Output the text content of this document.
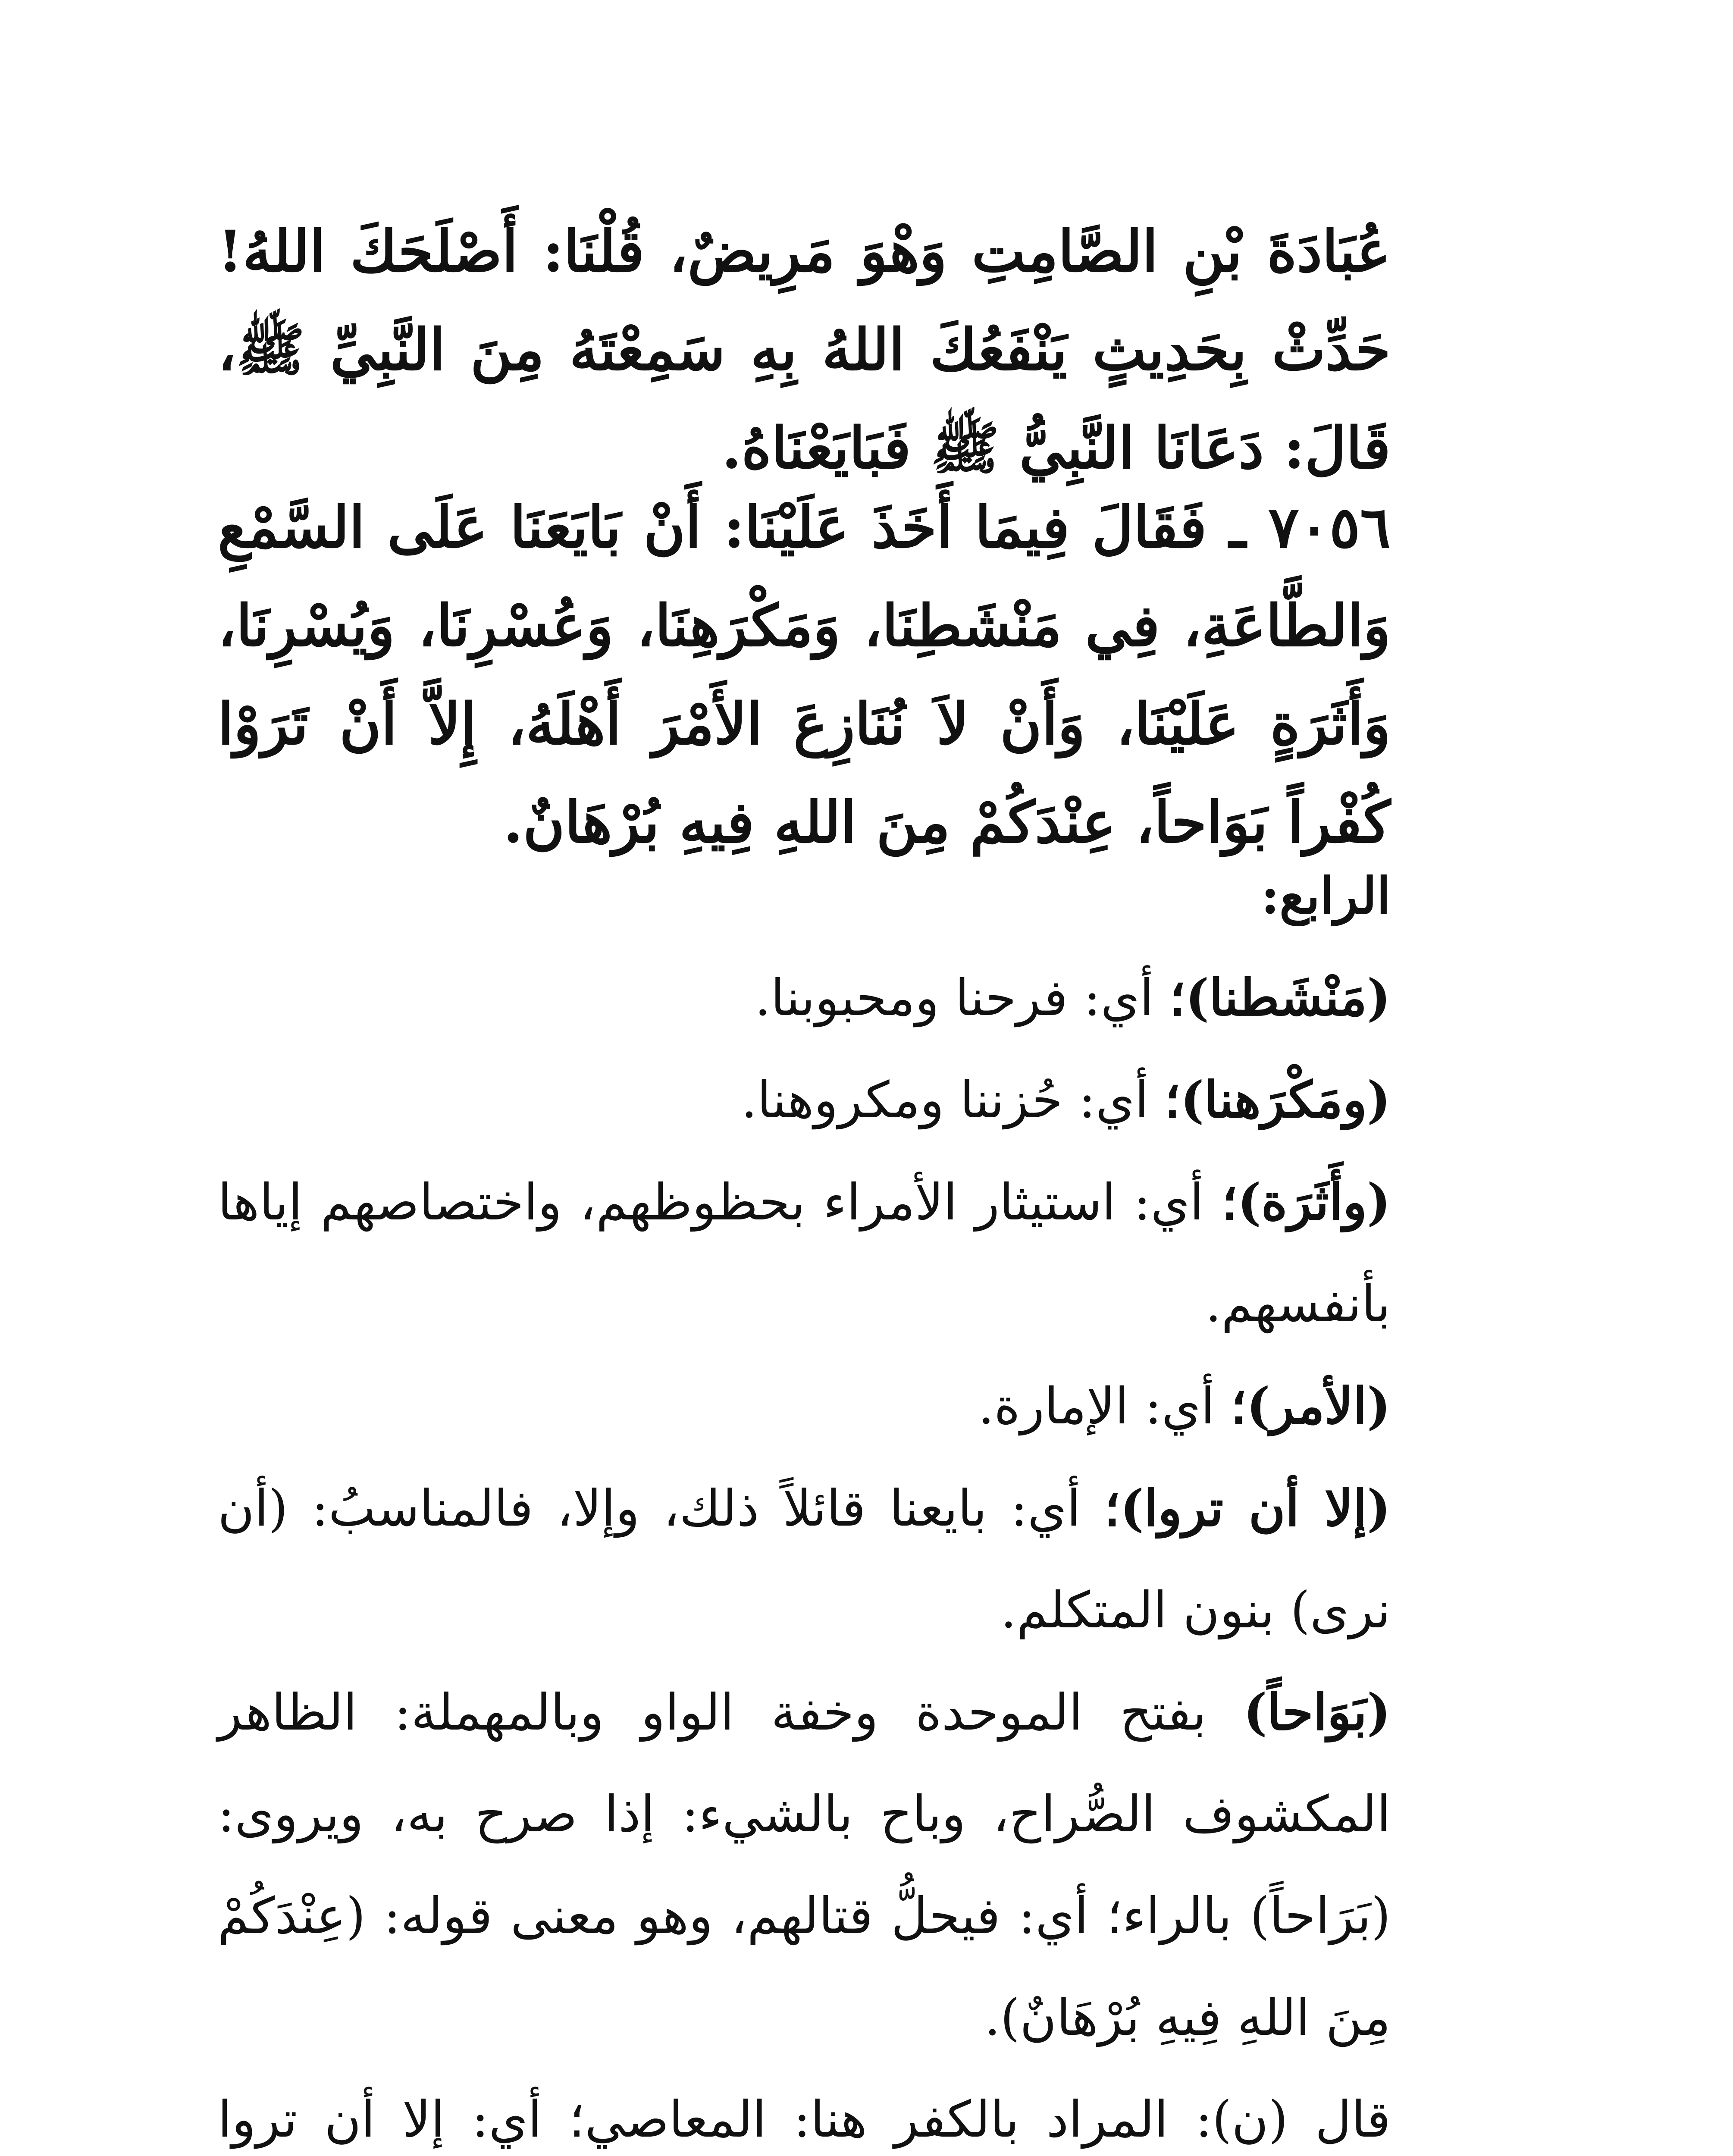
عُبَادَةَ بْنِ الصَّامِتِ وَهْوَ مَرِيضٌ، قُلْنَا: أَصْلَحَكَ اللهُ! حَدِّثْ بِحَدِيثٍ يَنْفَعُكَ اللهُ بِهِ سَمِعْتَهُ مِنَ النَّبِيِّ ﷺ، قَالَ: دَعَانَا النَّبِيُّ ﷺ فَبَايَعْنَاهُ.
٧٠٥٦ ـ فَقَالَ فِيمَا أَخَذَ عَلَيْنَا: أَنْ بَايَعَنَا عَلَى السَّمْعِ وَالطَّاعَةِ، فِي مَنْشَطِنَا، وَمَكْرَهِنَا، وَعُسْرِنَا، وَيُسْرِنَا، وَأَثَرَةٍ عَلَيْنَا، وَأَنْ لاَ نُنَازِعَ الأَمْرَ أَهْلَهُ، إِلاَّ أَنْ تَرَوْا كُفْراً بَوَاحاً، عِنْدَكُمْ مِنَ اللهِ فِيهِ بُرْهَانٌ.

الرابع:

(مَنْشَطنا)؛ أي: فرحنا ومحبوبنا.

(ومَكْرَهنا)؛ أي: حُزننا ومكروهنا.

(وأَثَرَة)؛ أي: استيثار الأمراء بحظوظهم، واختصاصهم إياها بأنفسهم.

(الأمر)؛ أي: الإمارة.

(إلا أن تروا)؛ أي: بايعنا قائلاً ذلك، وإلا، فالمناسبُ: (أن نرى) بنون المتكلم.

(بَوَاحاً) بفتح الموحدة وخفة الواو وبالمهملة: الظاهر المكشوف الصُّراح، وباح بالشيء: إذا صرح به، ويروى: (بَرَاحاً) بالراء؛ أي: فيحلُّ قتالهم، وهو معنى قوله: (عِنْدَكُمْ مِنَ اللهِ فِيهِ بُرْهَانٌ).

قال (ن): المراد بالكفر هنا: المعاصي؛ أي: إلا أن تروا
